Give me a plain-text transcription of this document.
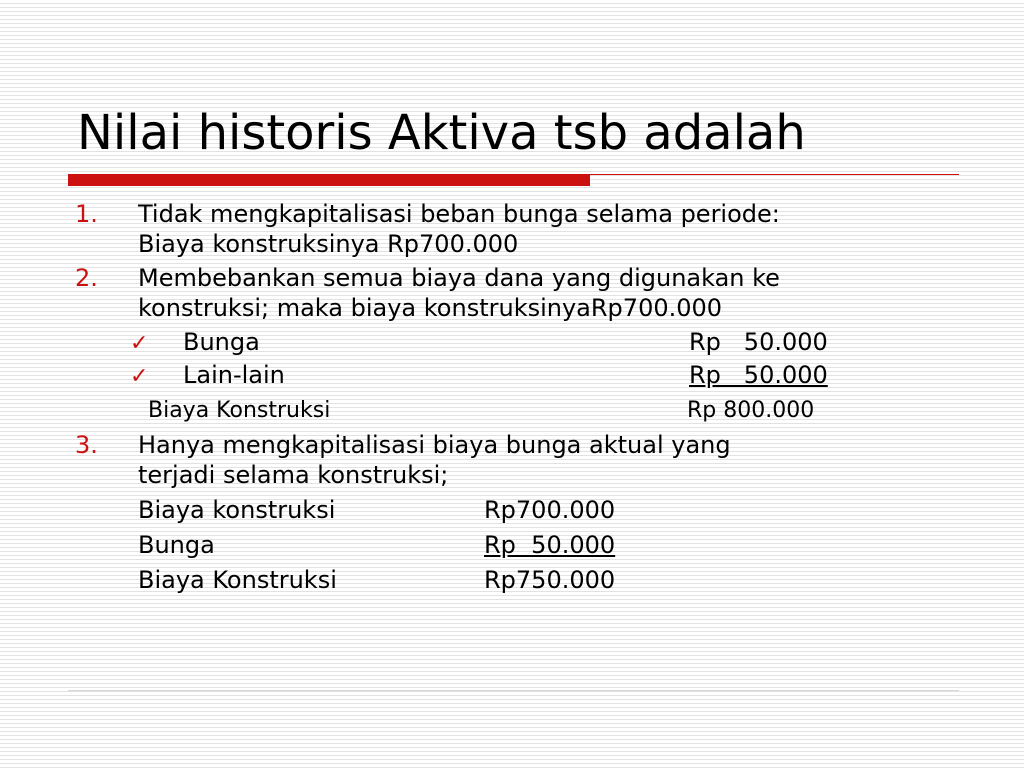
Nilai historis Aktiva tsb adalah
1. Tidak mengkapitalisasi beban bunga selama periode:
Biaya konstruksinya Rp700.000
2. Membebankan semua biaya dana yang digunakan ke
konstruksi; maka biaya konstruksinyaRp700.000
✓ Bunga	Rp   50.000
✓ Lain-lain	Rp   50.000
Biaya Konstruksi	Rp 800.000
3. Hanya mengkapitalisasi biaya bunga aktual yang
terjadi selama konstruksi;
Biaya konstruksi	Rp700.000
Bunga	Rp  50.000
Biaya Konstruksi	Rp750.000
